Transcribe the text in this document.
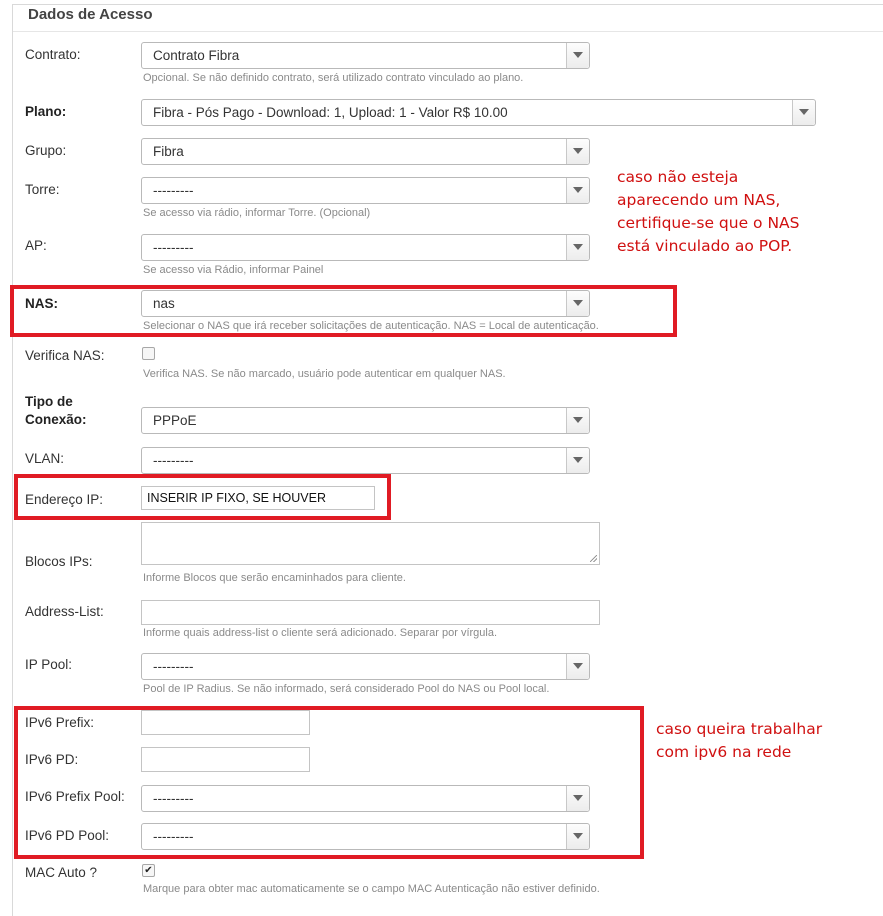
Dados de Acesso
Contrato:	Contrato Fibra
Opcional. Se não definido contrato, será utilizado contrato vinculado ao plano.
Plano:	Fibra - Pós Pago - Download: 1, Upload: 1 - Valor R$ 10.00
Grupo:	Fibra
Torre:	---------
Se acesso via rádio, informar Torre. (Opcional)
AP:	---------
Se acesso via Rádio, informar Painel
caso não esteja
aparecendo um NAS,
certifique-se que o NAS
está vinculado ao POP.
NAS:	nas
Selecionar o NAS que irá receber solicitações de autenticação. NAS = Local de autenticação.
Verifica NAS:
Verifica NAS. Se não marcado, usuário pode autenticar em qualquer NAS.
Tipo de
Conexão:	PPPoE
VLAN:	---------
Endereço IP:	INSERIR IP FIXO, SE HOUVER
Blocos IPs:
Informe Blocos que serão encaminhados para cliente.
Address-List:
Informe quais address-list o cliente será adicionado. Separar por vírgula.
IP Pool:	---------
Pool de IP Radius. Se não informado, será considerado Pool do NAS ou Pool local.
caso queira trabalhar
com ipv6 na rede
IPv6 Prefix:
IPv6 PD:
IPv6 Prefix Pool: ---------
IPv6 PD Pool:	---------
MAC Auto ?	✔
Marque para obter mac automaticamente se o campo MAC Autenticação não estiver definido.
